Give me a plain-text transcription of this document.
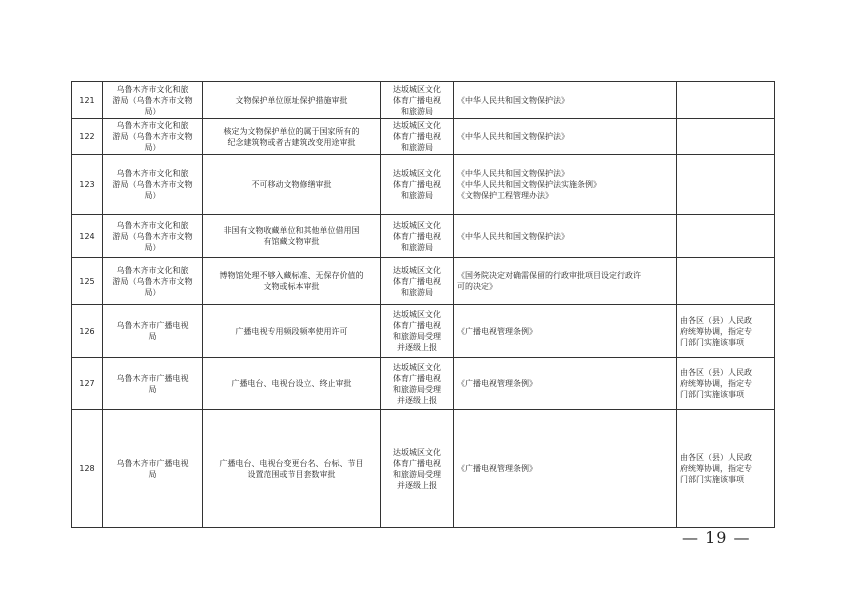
121	乌鲁木齐市文化和旅
游局（乌鲁木齐市文物
局）	文物保护单位原址保护措施审批	达坂城区文化
体育广播电视
和旅游局	《中华人民共和国文物保护法》	

122	乌鲁木齐市文化和旅
游局（乌鲁木齐市文物
局）	核定为文物保护单位的属于国家所有的
纪念建筑物或者古建筑改变用途审批	达坂城区文化
体育广播电视
和旅游局	《中华人民共和国文物保护法》	

123	乌鲁木齐市文化和旅
游局（乌鲁木齐市文物
局）	不可移动文物修缮审批	达坂城区文化
体育广播电视
和旅游局	《中华人民共和国文物保护法》
《中华人民共和国文物保护法实施条例》
《文物保护工程管理办法》	

124	乌鲁木齐市文化和旅
游局（乌鲁木齐市文物
局）	非国有文物收藏单位和其他单位借用国
有馆藏文物审批	达坂城区文化
体育广播电视
和旅游局	《中华人民共和国文物保护法》	

125	乌鲁木齐市文化和旅
游局（乌鲁木齐市文物
局）	博物馆处理不够入藏标准、无保存价值的
文物或标本审批	达坂城区文化
体育广播电视
和旅游局	《国务院决定对确需保留的行政审批项目设定行政许
可的决定》	

126	乌鲁木齐市广播电视
局	广播电视专用频段频率使用许可	达坂城区文化
体育广播电视
和旅游局受理
并逐级上报	《广播电视管理条例》	由各区（县）人民政
府统筹协调，指定专
门部门实施该事项

127	乌鲁木齐市广播电视
局	广播电台、电视台设立、终止审批	达坂城区文化
体育广播电视
和旅游局受理
并逐级上报	《广播电视管理条例》	由各区（县）人民政
府统筹协调，指定专
门部门实施该事项

128	乌鲁木齐市广播电视
局	广播电台、电视台变更台名、台标、节目
设置范围或节目套数审批	达坂城区文化
体育广播电视
和旅游局受理
并逐级上报	《广播电视管理条例》	由各区（县）人民政
府统筹协调，指定专
门部门实施该事项
— 19 —
